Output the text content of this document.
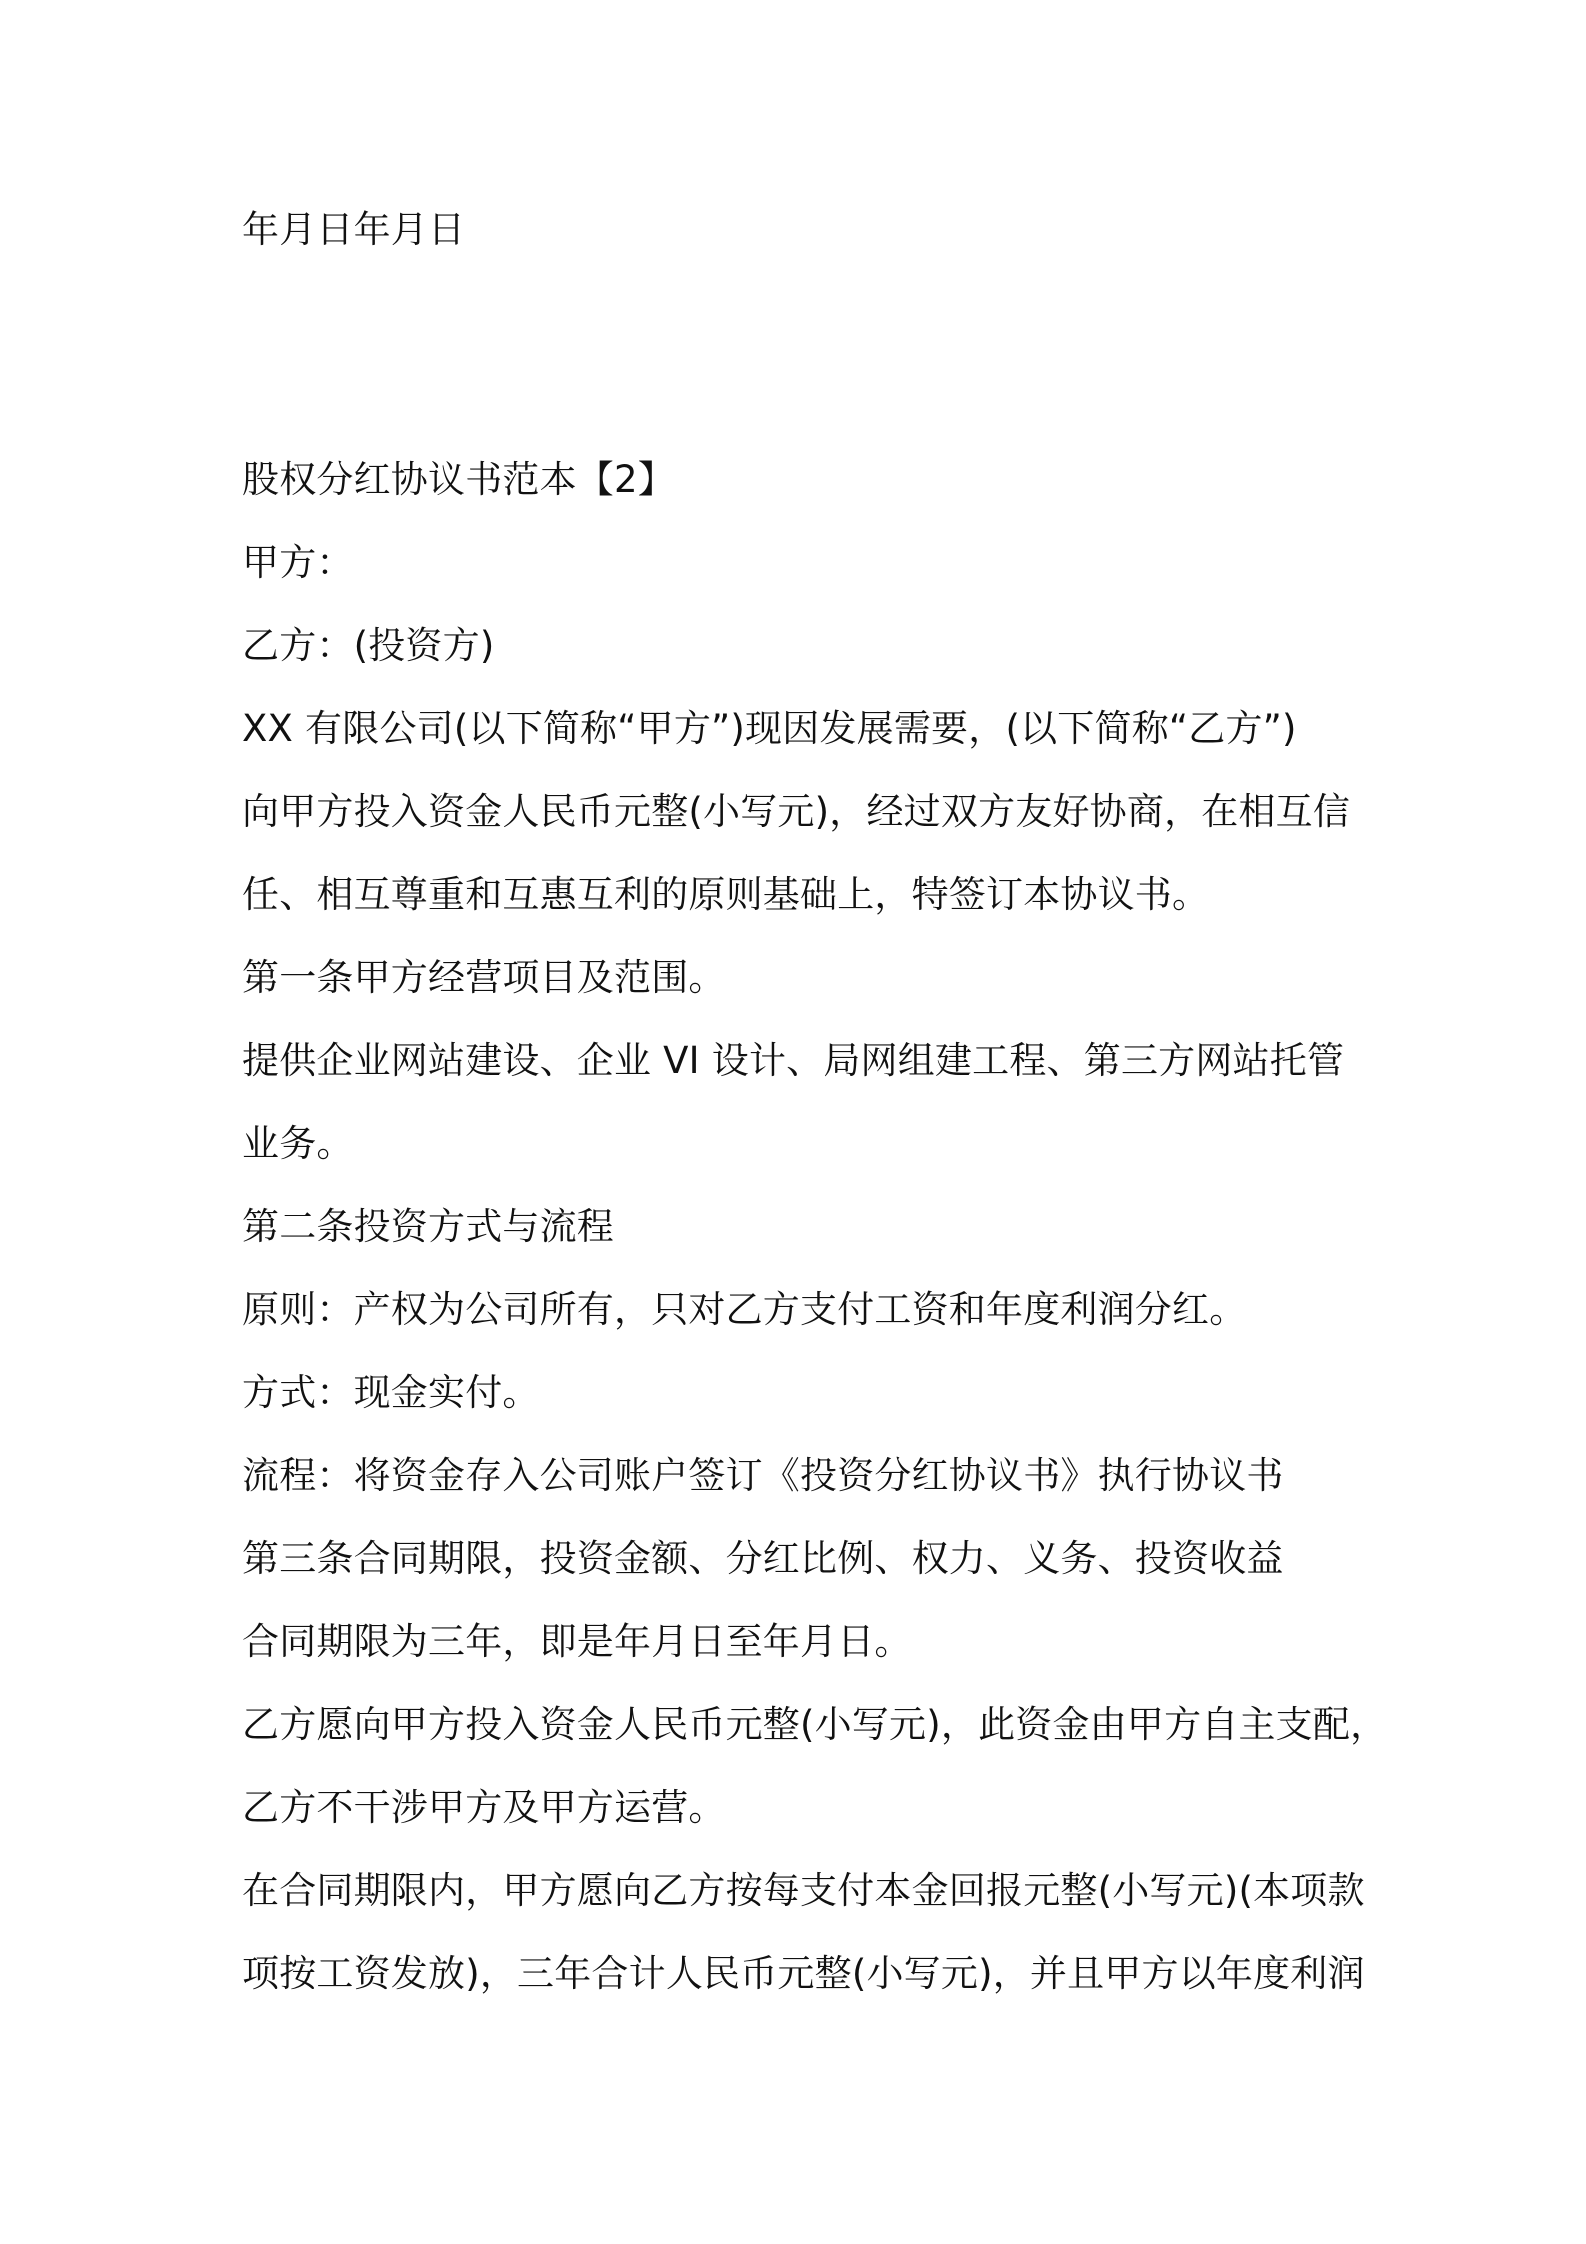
年月日年月日
股权分红协议书范本【2】
甲方：
乙方：(投资方)
XX 有限公司(以下简称“甲方”)现因发展需要，(以下简称“乙方”)
向甲方投入资金人民币元整(小写元)，经过双方友好协商，在相互信
任、相互尊重和互惠互利的原则基础上，特签订本协议书。
第一条甲方经营项目及范围。
提供企业网站建设、企业 VI 设计、局网组建工程、第三方网站托管
业务。
第二条投资方式与流程
原则：产权为公司所有，只对乙方支付工资和年度利润分红。
方式：现金实付。
流程：将资金存入公司账户签订《投资分红协议书》执行协议书
第三条合同期限，投资金额、分红比例、权力、义务、投资收益
合同期限为三年，即是年月日至年月日。
乙方愿向甲方投入资金人民币元整(小写元)，此资金由甲方自主支配，
乙方不干涉甲方及甲方运营。
在合同期限内，甲方愿向乙方按每支付本金回报元整(小写元)(本项款
项按工资发放)，三年合计人民币元整(小写元)，并且甲方以年度利润
